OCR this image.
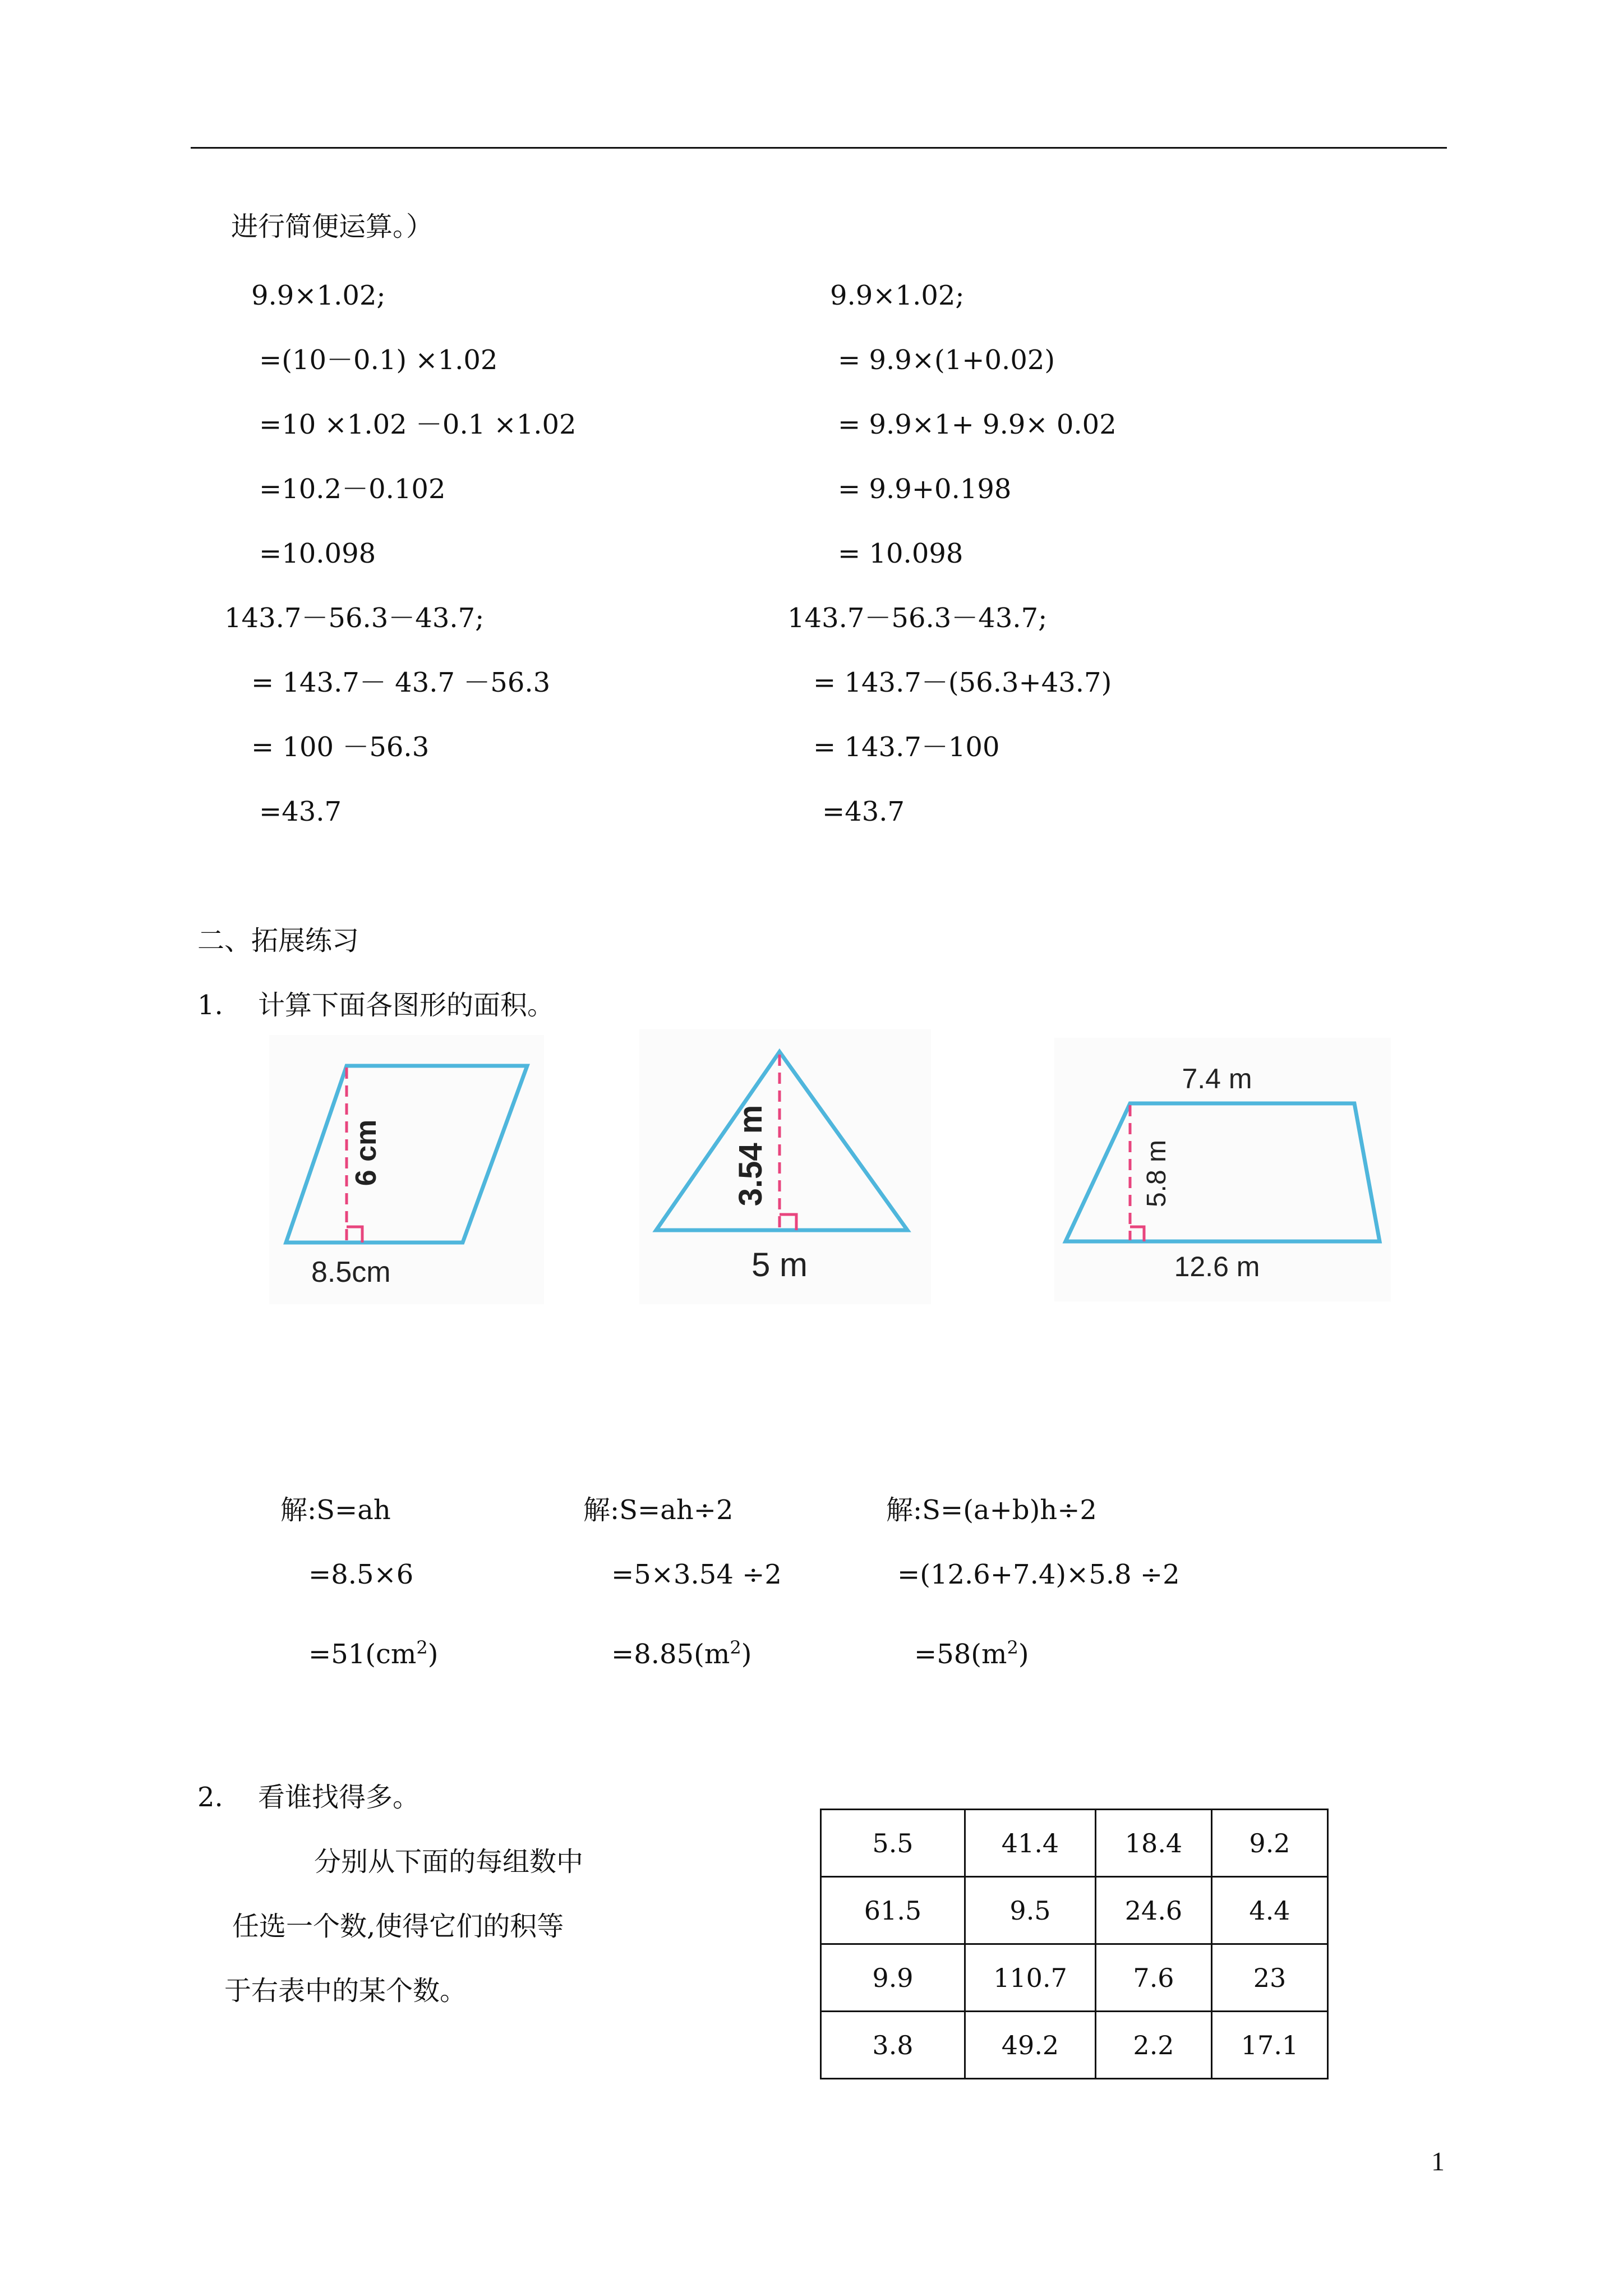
进行简便运算。）
9.9×1.02;
=(10－0.1) ×1.02
=10 ×1.02 －0.1 ×1.02
=10.2－0.102
=10.098
143.7－56.3－43.7;
= 143.7－ 43.7 －56.3
= 100 －56.3
=43.7
9.9×1.02;
= 9.9×(1+0.02)
= 9.9×1+ 9.9× 0.02
= 9.9+0.198
= 10.098
143.7－56.3－43.7;
= 143.7－(56.3+43.7)
= 143.7－100
=43.7
二、拓展练习
1. 计算下面各图形的面积。
6 cm
8.5cm
3.54 m
5 m
7.4 m
5.8 m
12.6 m
解:S=ah
=8.5×6
$=51(cm^2)$
解:S=ah÷2
=5×3.54 ÷2
$=8.85(m^2)$
解:S=(a+b)h÷2
=(12.6+7.4)×5.8 ÷2
$=58(m^2)$
2. 看谁找得多。
分别从下面的每组数中
任选一个数,使得它们的积等
于右表中的某个数。
5.5	41.4	18.4	9.2
61.5	9.5	24.6	4.4
9.9	110.7	7.6	23
3.8	49.2	2.2	17.1
1
